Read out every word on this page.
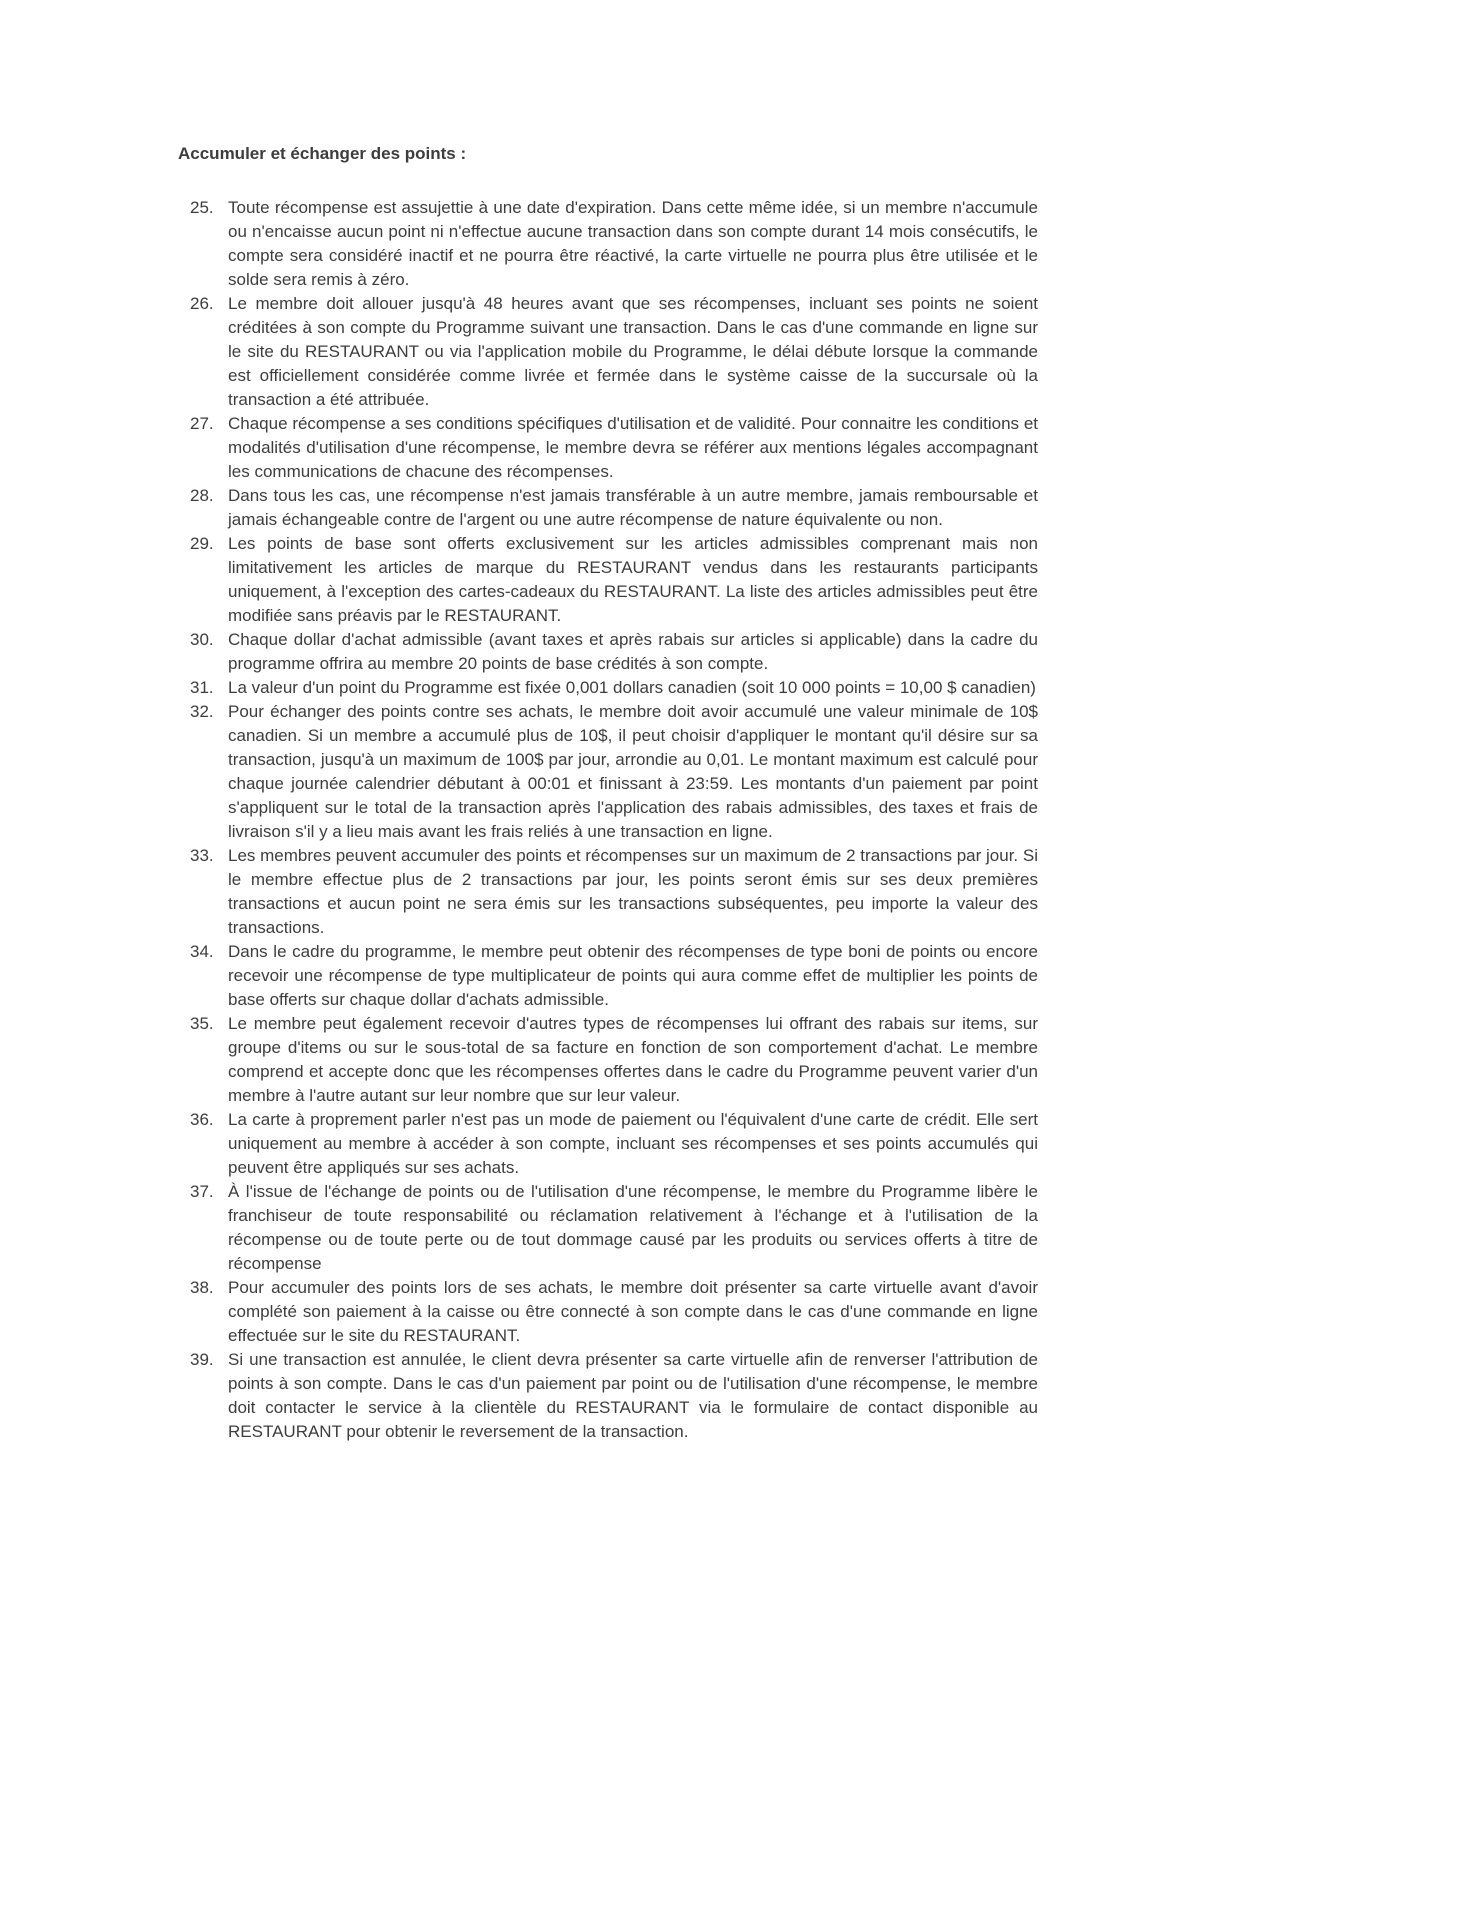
Accumuler et échanger des points :

25. Toute récompense est assujettie à une date d'expiration. Dans cette même idée, si un membre n'accumule ou n'encaisse aucun point ni n'effectue aucune transaction dans son compte durant 14 mois consécutifs, le compte sera considéré inactif et ne pourra être réactivé, la carte virtuelle ne pourra plus être utilisée et le solde sera remis à zéro.
26. Le membre doit allouer jusqu'à 48 heures avant que ses récompenses, incluant ses points ne soient créditées à son compte du Programme suivant une transaction. Dans le cas d'une commande en ligne sur le site du RESTAURANT ou via l'application mobile du Programme, le délai débute lorsque la commande est officiellement considérée comme livrée et fermée dans le système caisse de la succursale où la transaction a été attribuée.
27. Chaque récompense a ses conditions spécifiques d'utilisation et de validité. Pour connaitre les conditions et modalités d'utilisation d'une récompense, le membre devra se référer aux mentions légales accompagnant les communications de chacune des récompenses.
28. Dans tous les cas, une récompense n'est jamais transférable à un autre membre, jamais remboursable et jamais échangeable contre de l'argent ou une autre récompense de nature équivalente ou non.
29. Les points de base sont offerts exclusivement sur les articles admissibles comprenant mais non limitativement les articles de marque du RESTAURANT vendus dans les restaurants participants uniquement, à l'exception des cartes-cadeaux du RESTAURANT. La liste des articles admissibles peut être modifiée sans préavis par le RESTAURANT.
30. Chaque dollar d'achat admissible (avant taxes et après rabais sur articles si applicable) dans la cadre du programme offrira au membre 20 points de base crédités à son compte.
31. La valeur d'un point du Programme est fixée 0,001 dollars canadien (soit 10 000 points = 10,00 $ canadien)
32. Pour échanger des points contre ses achats, le membre doit avoir accumulé une valeur minimale de 10$ canadien. Si un membre a accumulé plus de 10$, il peut choisir d'appliquer le montant qu'il désire sur sa transaction, jusqu'à un maximum de 100$ par jour, arrondie au 0,01. Le montant maximum est calculé pour chaque journée calendrier débutant à 00:01 et finissant à 23:59. Les montants d'un paiement par point s'appliquent sur le total de la transaction après l'application des rabais admissibles, des taxes et frais de livraison s'il y a lieu mais avant les frais reliés à une transaction en ligne.
33. Les membres peuvent accumuler des points et récompenses sur un maximum de 2 transactions par jour. Si le membre effectue plus de 2 transactions par jour, les points seront émis sur ses deux premières transactions et aucun point ne sera émis sur les transactions subséquentes, peu importe la valeur des transactions.
34. Dans le cadre du programme, le membre peut obtenir des récompenses de type boni de points ou encore recevoir une récompense de type multiplicateur de points qui aura comme effet de multiplier les points de base offerts sur chaque dollar d'achats admissible.
35. Le membre peut également recevoir d'autres types de récompenses lui offrant des rabais sur items, sur groupe d'items ou sur le sous-total de sa facture en fonction de son comportement d'achat. Le membre comprend et accepte donc que les récompenses offertes dans le cadre du Programme peuvent varier d'un membre à l'autre autant sur leur nombre que sur leur valeur.
36. La carte à proprement parler n'est pas un mode de paiement ou l'équivalent d'une carte de crédit. Elle sert uniquement au membre à accéder à son compte, incluant ses récompenses et ses points accumulés qui peuvent être appliqués sur ses achats.
37. À l'issue de l'échange de points ou de l'utilisation d'une récompense, le membre du Programme libère le franchiseur de toute responsabilité ou réclamation relativement à l'échange et à l'utilisation de la récompense ou de toute perte ou de tout dommage causé par les produits ou services offerts à titre de récompense
38. Pour accumuler des points lors de ses achats, le membre doit présenter sa carte virtuelle avant d'avoir complété son paiement à la caisse ou être connecté à son compte dans le cas d'une commande en ligne effectuée sur le site du RESTAURANT.
39. Si une transaction est annulée, le client devra présenter sa carte virtuelle afin de renverser l'attribution de points à son compte. Dans le cas d'un paiement par point ou de l'utilisation d'une récompense, le membre doit contacter le service à la clientèle du RESTAURANT via le formulaire de contact disponible au RESTAURANT pour obtenir le reversement de la transaction.
